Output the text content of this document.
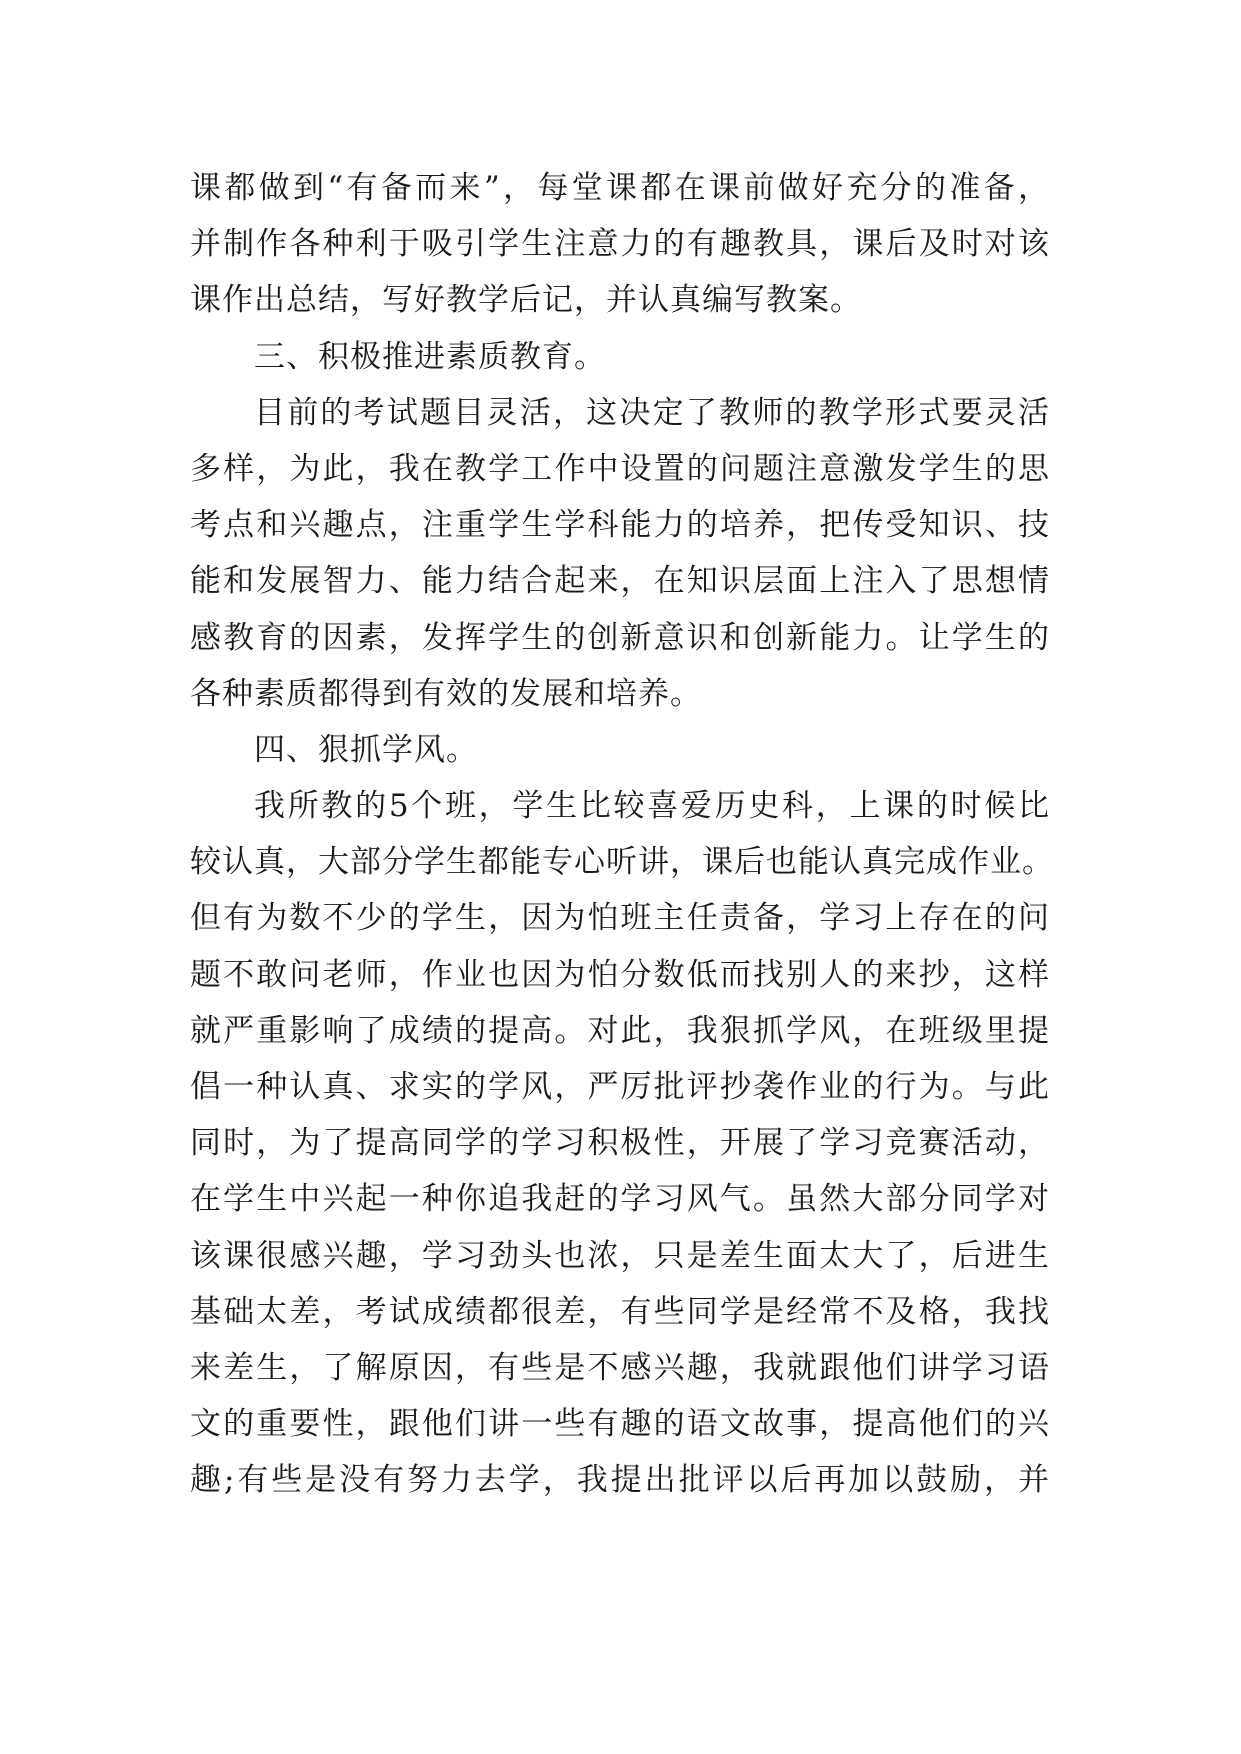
课都做到“有备而来”，每堂课都在课前做好充分的准备，
并制作各种利于吸引学生注意力的有趣教具，课后及时对该
课作出总结，写好教学后记，并认真编写教案。
三、积极推进素质教育。
目前的考试题目灵活，这决定了教师的教学形式要灵活
多样，为此，我在教学工作中设置的问题注意激发学生的思
考点和兴趣点，注重学生学科能力的培养，把传受知识、技
能和发展智力、能力结合起来，在知识层面上注入了思想情
感教育的因素，发挥学生的创新意识和创新能力。让学生的
各种素质都得到有效的发展和培养。
四、狠抓学风。
我所教的5个班，学生比较喜爱历史科，上课的时候比
较认真，大部分学生都能专心听讲，课后也能认真完成作业。
但有为数不少的学生，因为怕班主任责备，学习上存在的问
题不敢问老师，作业也因为怕分数低而找别人的来抄，这样
就严重影响了成绩的提高。对此，我狠抓学风，在班级里提
倡一种认真、求实的学风，严厉批评抄袭作业的行为。与此
同时，为了提高同学的学习积极性，开展了学习竞赛活动，
在学生中兴起一种你追我赶的学习风气。虽然大部分同学对
该课很感兴趣，学习劲头也浓，只是差生面太大了，后进生
基础太差，考试成绩都很差，有些同学是经常不及格，我找
来差生，了解原因，有些是不感兴趣，我就跟他们讲学习语
文的重要性，跟他们讲一些有趣的语文故事，提高他们的兴
趣;有些是没有努力去学，我提出批评以后再加以鼓励，并
